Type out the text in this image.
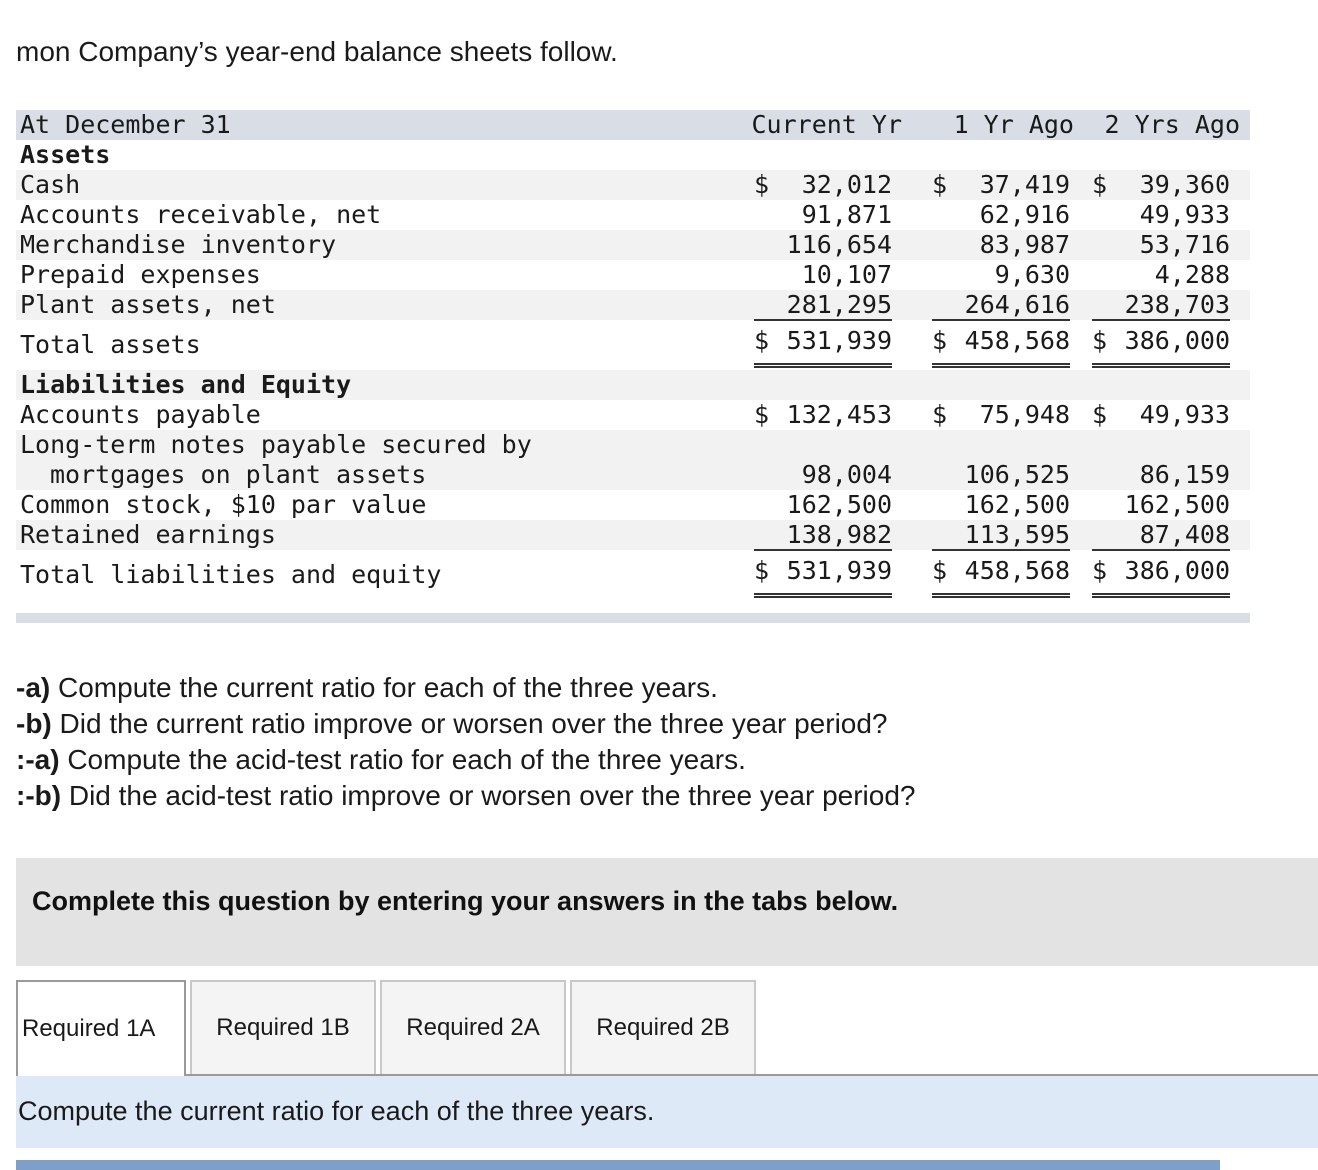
mon Company’s year-end balance sheets follow.
At December 31	Current Yr	1 Yr Ago	2 Yrs Ago
Assets
Cash	$ 32,012 $ 37,419 $ 39,360
Accounts receivable, net	91,871	62,916	49,933
Merchandise inventory	116,654	83,987	53,716
Prepaid expenses	10,107	9,630	4,288
Plant assets, net	281,295	264,616	238,703
Total assets	$ 531,939 $ 458,568 $ 386,000
Liabilities and Equity
Accounts payable	$ 132,453 $ 75,948 $ 49,933
Long-term notes payable secured by
mortgages on plant assets	98,004	106,525	86,159
Common stock, $10 par value	162,500	162,500	162,500
Retained earnings	138,982	113,595	87,408
Total liabilities and equity	$ 531,939 $ 458,568 $ 386,000
-a) Compute the current ratio for each of the three years.
-b) Did the current ratio improve or worsen over the three year period?
:-a) Compute the acid-test ratio for each of the three years.
:-b) Did the acid-test ratio improve or worsen over the three year period?
Complete this question by entering your answers in the tabs below.
Required 1A	Required 1B	Required 2A	Required 2B
Compute the current ratio for each of the three years.
